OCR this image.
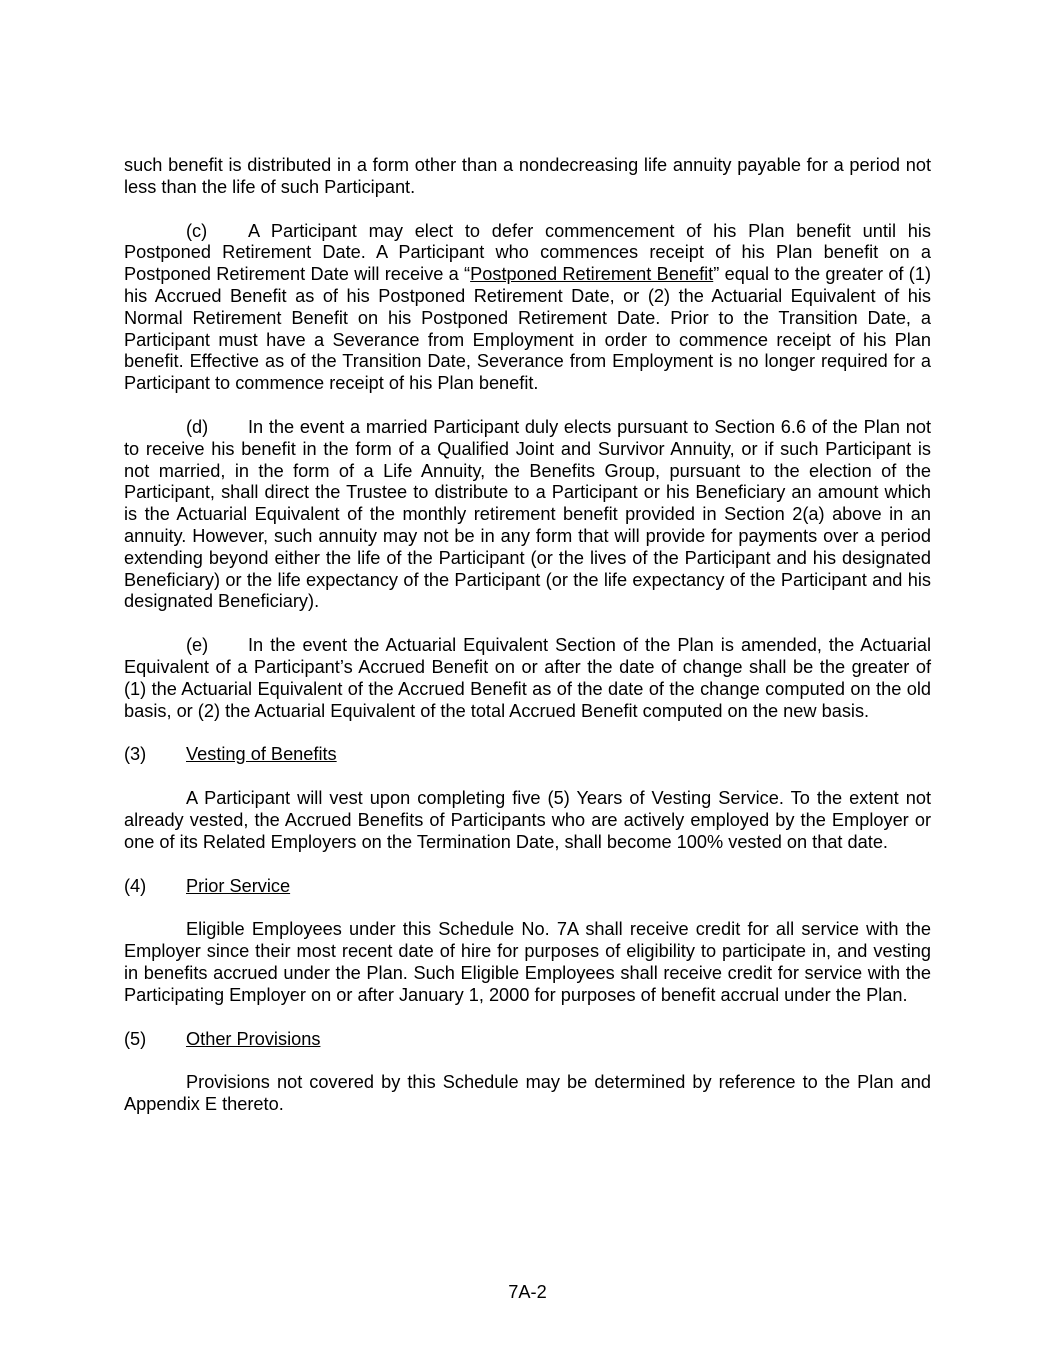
such benefit is distributed in a form other than a nondecreasing life annuity payable for a period not less than the life of such Participant.

(c) A Participant may elect to defer commencement of his Plan benefit until his Postponed Retirement Date. A Participant who commences receipt of his Plan benefit on a Postponed Retirement Date will receive a “Postponed Retirement Benefit” equal to the greater of (1) his Accrued Benefit as of his Postponed Retirement Date, or (2) the Actuarial Equivalent of his Normal Retirement Benefit on his Postponed Retirement Date. Prior to the Transition Date, a Participant must have a Severance from Employment in order to commence receipt of his Plan benefit. Effective as of the Transition Date, Severance from Employment is no longer required for a Participant to commence receipt of his Plan benefit.

(d) In the event a married Participant duly elects pursuant to Section 6.6 of the Plan not to receive his benefit in the form of a Qualified Joint and Survivor Annuity, or if such Participant is not married, in the form of a Life Annuity, the Benefits Group, pursuant to the election of the Participant, shall direct the Trustee to distribute to a Participant or his Beneficiary an amount which is the Actuarial Equivalent of the monthly retirement benefit provided in Section 2(a) above in an annuity. However, such annuity may not be in any form that will provide for payments over a period extending beyond either the life of the Participant (or the lives of the Participant and his designated Beneficiary) or the life expectancy of the Participant (or the life expectancy of the Participant and his designated Beneficiary).

(e) In the event the Actuarial Equivalent Section of the Plan is amended, the Actuarial Equivalent of a Participant’s Accrued Benefit on or after the date of change shall be the greater of (1) the Actuarial Equivalent of the Accrued Benefit as of the date of the change computed on the old basis, or (2) the Actuarial Equivalent of the total Accrued Benefit computed on the new basis.

(3)	Vesting of Benefits

A Participant will vest upon completing five (5) Years of Vesting Service. To the extent not already vested, the Accrued Benefits of Participants who are actively employed by the Employer or one of its Related Employers on the Termination Date, shall become 100% vested on that date.

(4)	Prior Service

Eligible Employees under this Schedule No. 7A shall receive credit for all service with the Employer since their most recent date of hire for purposes of eligibility to participate in, and vesting in benefits accrued under the Plan. Such Eligible Employees shall receive credit for service with the Participating Employer on or after January 1, 2000 for purposes of benefit accrual under the Plan.

(5)	Other Provisions

Provisions not covered by this Schedule may be determined by reference to the Plan and Appendix E thereto.

7A-2
